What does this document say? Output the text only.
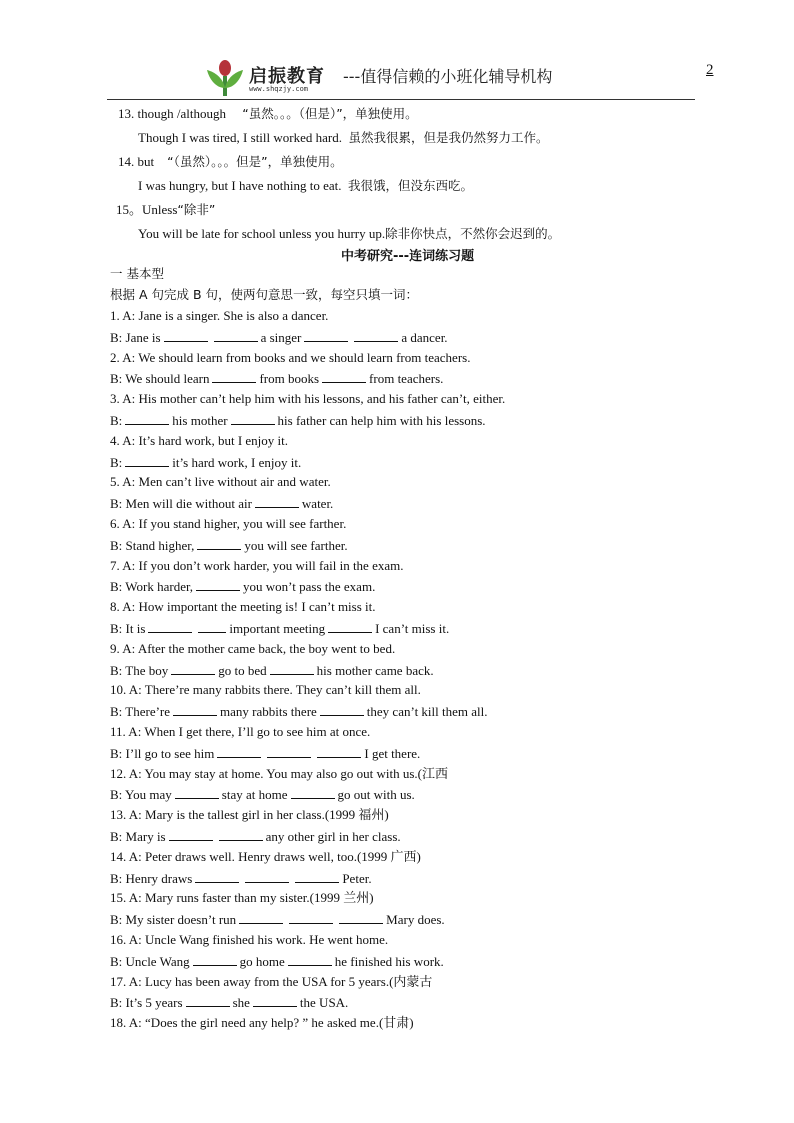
启振教育 ---值得信赖的小班化辅导机构
www.shqzjy.com
2
13. though /although “虽然。。。（但是）”，单独使用。
Though I was tired, I still worked hard. 虽然我很累，但是我仍然努力工作。
14. but “（虽然）。。。但是”，单独使用。
I was hungry, but I have nothing to eat. 我很饿，但没东西吃。
15。Unless“除非”
You will be late for school unless you hurry up.除非你快点，不然你会迟到的。
中考研究---连词练习题
一 基本型
根据 A 句完成 B 句，使两句意思一致，每空只填一词：
1. A: Jane is a singer. She is also a dancer.
B: Jane is	a singer	a dancer.
2. A: We should learn from books and we should learn from teachers.
B: We should learn	from books	from teachers.
3. A: His mother can’t help him with his lessons, and his father can’t, either.
B:	his mother	his father can help him with his lessons.
4. A: It’s hard work, but I enjoy it.
B:	it’s hard work, I enjoy it.
5. A: Men can’t live without air and water.
B: Men will die without air	water.
6. A: If you stand higher, you will see farther.
B: Stand higher,	you will see farther.
7. A: If you don’t work harder, you will fail in the exam.
B: Work harder,	you won’t pass the exam.
8. A: How important the meeting is! I can’t miss it.
B: It is	important meeting	I can’t miss it.
9. A: After the mother came back, the boy went to bed.
B: The boy	go to bed	his mother came back.
10. A: There’re many rabbits there. They can’t kill them all.
B: There’re	many rabbits there	they can’t kill them all.
11. A: When I get there, I’ll go to see him at once.
B: I’ll go to see him	I get there.
12. A: You may stay at home. You may also go out with us.(江西
B: You may	stay at home	go out with us.
13. A: Mary is the tallest girl in her class.(1999 福州)
B: Mary is	any other girl in her class.
14. A: Peter draws well. Henry draws well, too.(1999 广西)
B: Henry draws	Peter.
15. A: Mary runs faster than my sister.(1999 兰州)
B: My sister doesn’t run	Mary does.
16. A: Uncle Wang finished his work. He went home.
B: Uncle Wang	go home	he finished his work.
17. A: Lucy has been away from the USA for 5 years.(内蒙古
B: It’s 5 years	she	the USA.
18. A: “Does the girl need any help? ” he asked me.(甘肃)
